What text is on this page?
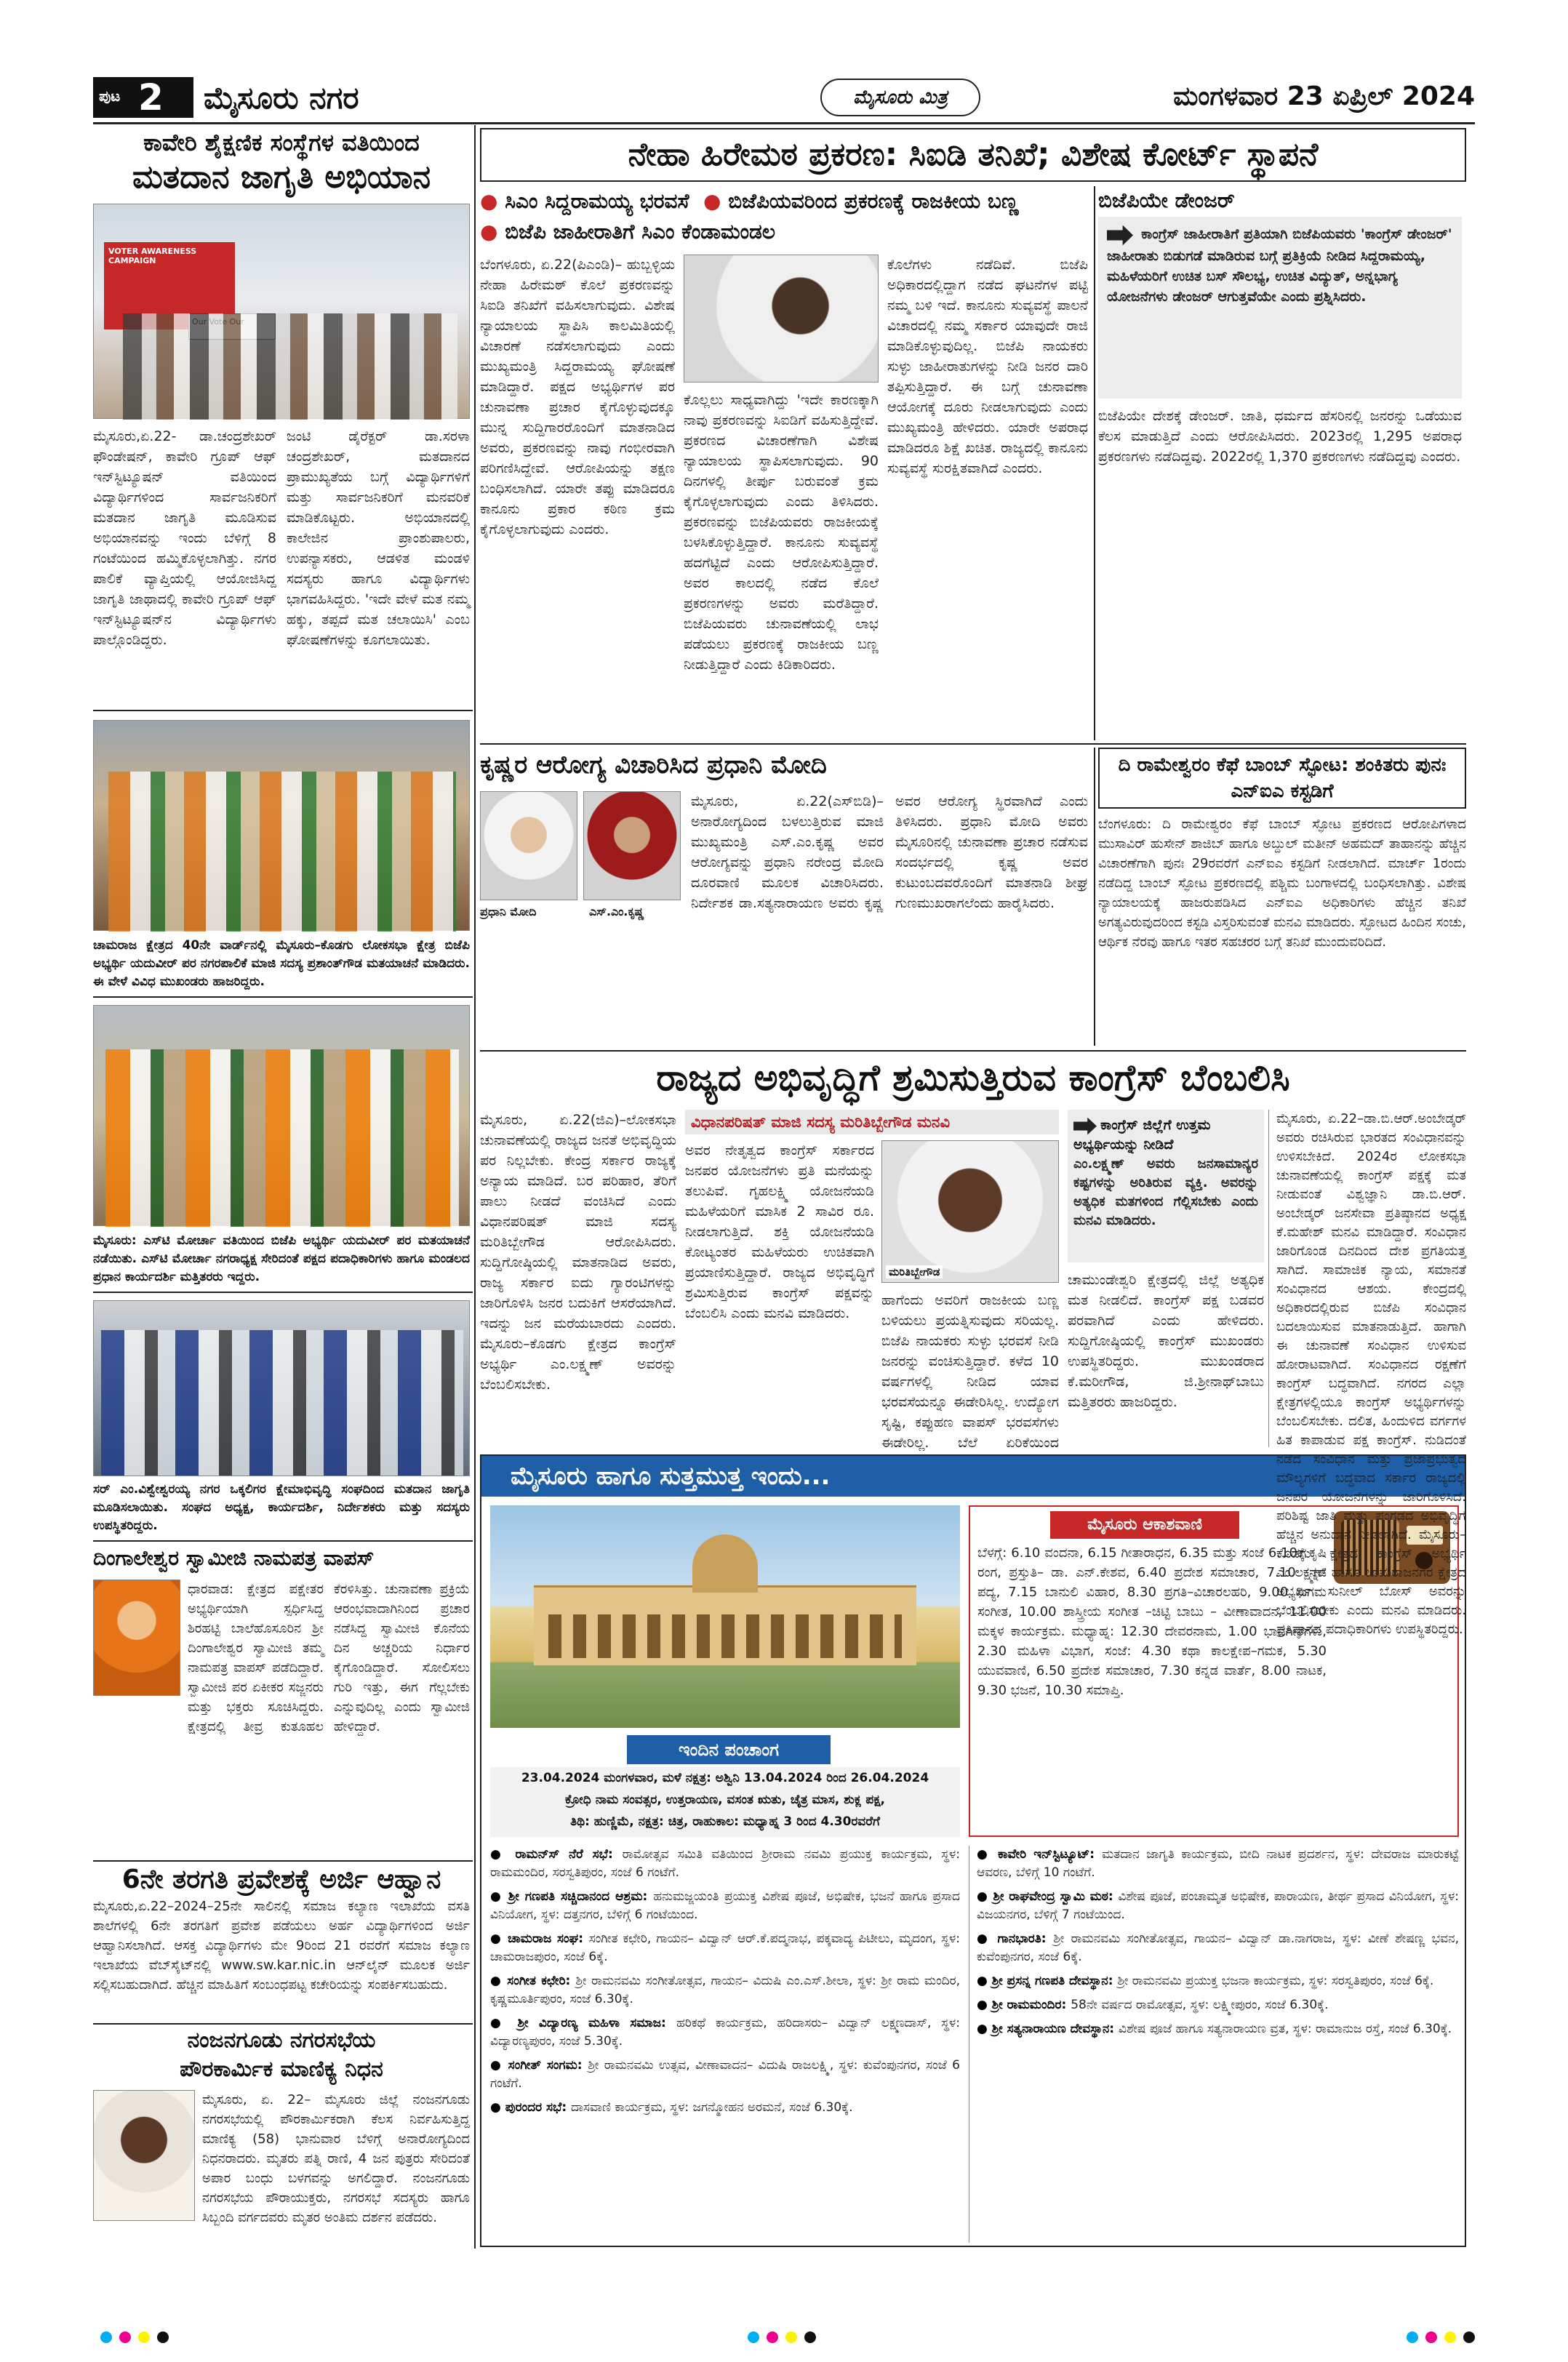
ಪುಟ 2 ಮೈಸೂರು ನಗರ	ಮೈಸೂರು ಮಿತ್ರ	ಮಂಗಳವಾರ 23 ಏಪ್ರಿಲ್ 2024
ಕಾವೇರಿ ಶೈಕ್ಷಣಿಕ ಸಂಸ್ಥೆಗಳ ವತಿಯಿಂದ
ಮತದಾನ ಜಾಗೃತಿ ಅಭಿಯಾನ
VOTER AWARENESS CAMPAIGN
ಮೈಸೂರು,ಏ.22- ಡಾ.ಚಂದ್ರಶೇಖರ್ ಫೌಂಡೇಷನ್, ಕಾವೇರಿ ಗ್ರೂಪ್ ಆಫ್ ಇನ್‌ಸ್ಟಿಟ್ಯೂಷನ್ ವತಿಯಿಂದ ವಿದ್ಯಾರ್ಥಿಗಳಿಂದ ಸಾರ್ವಜನಿಕರಿಗೆ ಮತದಾನ ಜಾಗೃತಿ ಮೂಡಿಸುವ ಅಭಿಯಾನವನ್ನು ಇಂದು ಬೆಳಿಗ್ಗೆ 8 ಗಂಟೆಯಿಂದ ಹಮ್ಮಿಕೊಳ್ಳಲಾಗಿತ್ತು. ನಗರ ಪಾಲಿಕೆ ವ್ಯಾಪ್ತಿಯಲ್ಲಿ ಆಯೋಜಿಸಿದ್ದ ಜಾಗೃತಿ ಜಾಥಾದಲ್ಲಿ ಕಾವೇರಿ ಗ್ರೂಪ್ ಆಫ್ ಇನ್‌ಸ್ಟಿಟ್ಯೂಷನ್‌ನ ವಿದ್ಯಾರ್ಥಿಗಳು ಪಾಲ್ಗೊಂಡಿದ್ದರು.
ಜಂಟಿ ಡೈರೆಕ್ಟರ್ ಡಾ.ಸರಳಾ ಚಂದ್ರಶೇಖರ್, ಮತದಾನದ ಪ್ರಾಮುಖ್ಯತೆಯ ಬಗ್ಗೆ ವಿದ್ಯಾರ್ಥಿಗಳಿಗೆ ಮತ್ತು ಸಾರ್ವಜನಿಕರಿಗೆ ಮನವರಿಕೆ ಮಾಡಿಕೊಟ್ಟರು. ಅಭಿಯಾನದಲ್ಲಿ ಕಾಲೇಜಿನ ಪ್ರಾಂಶುಪಾಲರು, ಉಪನ್ಯಾಸಕರು, ಆಡಳಿತ ಮಂಡಳಿ ಸದಸ್ಯರು ಹಾಗೂ ವಿದ್ಯಾರ್ಥಿಗಳು ಭಾಗವಹಿಸಿದ್ದರು. 'ಇದೇ ವೇಳೆ ಮತ ನಮ್ಮ ಹಕ್ಕು, ತಪ್ಪದೆ ಮತ ಚಲಾಯಿಸಿ' ಎಂಬ ಘೋಷಣೆಗಳನ್ನು ಕೂಗಲಾಯಿತು.
ಚಾಮರಾಜ ಕ್ಷೇತ್ರದ 40ನೇ ವಾರ್ಡ್‌ನಲ್ಲಿ ಮೈಸೂರು–ಕೊಡಗು ಲೋಕಸಭಾ ಕ್ಷೇತ್ರ ಬಿಜೆಪಿ ಅಭ್ಯರ್ಥಿ ಯದುವೀರ್ ಪರ ನಗರಪಾಲಿಕೆ ಮಾಜಿ ಸದಸ್ಯ ಪ್ರಶಾಂತ್‌ಗೌಡ ಮತಯಾಚನೆ ಮಾಡಿದರು. ಈ ವೇಳೆ ವಿವಿಧ ಮುಖಂಡರು ಹಾಜರಿದ್ದರು.
ಮೈಸೂರು: ಎಸ್‌ಟಿ ಮೋರ್ಚಾ ವತಿಯಿಂದ ಬಿಜೆಪಿ ಅಭ್ಯರ್ಥಿ ಯದುವೀರ್ ಪರ ಮತಯಾಚನೆ ನಡೆಯಿತು. ಎಸ್‌ಟಿ ಮೋರ್ಚಾ ನಗರಾಧ್ಯಕ್ಷ ಸೇರಿದಂತೆ ಪಕ್ಷದ ಪದಾಧಿಕಾರಿಗಳು ಹಾಗೂ ಮಂಡಲದ ಪ್ರಧಾನ ಕಾರ್ಯದರ್ಶಿ ಮತ್ತಿತರರು ಇದ್ದರು.
ಸರ್ ಎಂ.ವಿಶ್ವೇಶ್ವರಯ್ಯ ನಗರ ಒಕ್ಕಲಿಗರ ಕ್ಷೇಮಾಭಿವೃದ್ಧಿ ಸಂಘದಿಂದ ಮತದಾನ ಜಾಗೃತಿ ಮೂಡಿಸಲಾಯಿತು. ಸಂಘದ ಅಧ್ಯಕ್ಷ, ಕಾರ್ಯದರ್ಶಿ, ನಿರ್ದೇಶಕರು ಮತ್ತು ಸದಸ್ಯರು ಉಪಸ್ಥಿತರಿದ್ದರು.
ದಿಂಗಾಲೇಶ್ವರ ಸ್ವಾಮೀಜಿ ನಾಮಪತ್ರ ವಾಪಸ್
ಧಾರವಾಡ: ಕ್ಷೇತ್ರದ ಪಕ್ಷೇತರ ಅಭ್ಯರ್ಥಿಯಾಗಿ ಸ್ಪರ್ಧಿಸಿದ್ದ ಶಿರಹಟ್ಟಿ ಬಾಲೆಹೊಸೂರಿನ ಶ್ರೀ ದಿಂಗಾಲೇಶ್ವರ ಸ್ವಾಮೀಜಿ ತಮ್ಮ ನಾಮಪತ್ರ ವಾಪಸ್ ಪಡೆದಿದ್ದಾರೆ. ಸ್ವಾಮೀಜಿ ಪರ ಏಕೀಕರ ಸಜ್ಜನರು ಮತ್ತು ಭಕ್ತರು ಸೂಚಿಸಿದ್ದರು. ಕ್ಷೇತ್ರದಲ್ಲಿ ತೀವ್ರ ಕುತೂಹಲ ಕೆರಳಿಸಿತ್ತು. ಚುನಾವಣಾ ಪ್ರಕ್ರಿಯೆ ಆರಂಭವಾದಾಗಿನಿಂದ ಪ್ರಚಾರ ನಡೆಸಿದ್ದ ಸ್ವಾಮೀಜಿ ಕೊನೆಯ ದಿನ ಅಚ್ಚರಿಯ ನಿರ್ಧಾರ ಕೈಗೊಂಡಿದ್ದಾರೆ. ಸೋಲಿಸಲು ಗುರಿ ಇತ್ತು, ಈಗ ಗೆಲ್ಲಬೇಕು ಎನ್ನುವುದಿಲ್ಲ ಎಂದು ಸ್ವಾಮೀಜಿ ಹೇಳಿದ್ದಾರೆ.
6ನೇ ತರಗತಿ ಪ್ರವೇಶಕ್ಕೆ ಅರ್ಜಿ ಆಹ್ವಾನ
ಮೈಸೂರು,ಏ.22–2024–25ನೇ ಸಾಲಿನಲ್ಲಿ ಸಮಾಜ ಕಲ್ಯಾಣ ಇಲಾಖೆಯ ವಸತಿ ಶಾಲೆಗಳಲ್ಲಿ 6ನೇ ತರಗತಿಗೆ ಪ್ರವೇಶ ಪಡೆಯಲು ಅರ್ಹ ವಿದ್ಯಾರ್ಥಿಗಳಿಂದ ಅರ್ಜಿ ಆಹ್ವಾನಿಸಲಾಗಿದೆ. ಆಸಕ್ತ ವಿದ್ಯಾರ್ಥಿಗಳು ಮೇ 9ರಿಂದ 21 ರವರೆಗೆ ಸಮಾಜ ಕಲ್ಯಾಣ ಇಲಾಖೆಯ ವೆಬ್‌ಸೈಟ್‌ನಲ್ಲಿ www.sw.kar.nic.in ಆನ್‌ಲೈನ್ ಮೂಲಕ ಅರ್ಜಿ ಸಲ್ಲಿಸಬಹುದಾಗಿದೆ. ಹೆಚ್ಚಿನ ಮಾಹಿತಿಗೆ ಸಂಬಂಧಪಟ್ಟ ಕಚೇರಿಯನ್ನು ಸಂಪರ್ಕಿಸಬಹುದು.
ನಂಜನಗೂಡು ನಗರಸಭೆಯ
ಪೌರಕಾರ್ಮಿಕ ಮಾಣಿಕ್ಯ ನಿಧನ
ಮೈಸೂರು, ಏ. 22– ಮೈಸೂರು ಜಿಲ್ಲೆ ನಂಜನಗೂಡು ನಗರಸಭೆಯಲ್ಲಿ ಪೌರಕಾರ್ಮಿಕರಾಗಿ ಕೆಲಸ ನಿರ್ವಹಿಸುತ್ತಿದ್ದ ಮಾಣಿಕ್ಯ (58) ಭಾನುವಾರ ಬೆಳಿಗ್ಗೆ ಅನಾರೋಗ್ಯದಿಂದ ನಿಧನರಾದರು. ಮೃತರು ಪತ್ನಿ ರಾಣಿ, 4 ಜನ ಪುತ್ರರು ಸೇರಿದಂತೆ ಅಪಾರ ಬಂಧು ಬಳಗವನ್ನು ಅಗಲಿದ್ದಾರೆ. ನಂಜನಗೂಡು ನಗರಸಭೆಯ ಪೌರಾಯುಕ್ತರು, ನಗರಸಭೆ ಸದಸ್ಯರು ಹಾಗೂ ಸಿಬ್ಬಂದಿ ವರ್ಗದವರು ಮೃತರ ಅಂತಿಮ ದರ್ಶನ ಪಡೆದರು.
ನೇಹಾ ಹಿರೇಮಠ ಪ್ರಕರಣ: ಸಿಐಡಿ ತನಿಖೆ; ವಿಶೇಷ ಕೋರ್ಟ್ ಸ್ಥಾಪನೆ
● ಸಿಎಂ ಸಿದ್ದರಾಮಯ್ಯ ಭರವಸೆ ● ಬಿಜೆಪಿಯವರಿಂದ ಪ್ರಕರಣಕ್ಕೆ ರಾಜಕೀಯ ಬಣ್ಣ
● ಬಿಜೆಪಿ ಜಾಹೀರಾತಿಗೆ ಸಿಎಂ ಕೆಂಡಾಮಂಡಲ
ಬೆಂಗಳೂರು, ಏ.22(ಪಿಎಂಡಿ)– ಹುಬ್ಬಳ್ಳಿಯ ನೇಹಾ ಹಿರೇಮಠ್ ಕೊಲೆ ಪ್ರಕರಣವನ್ನು ಸಿಐಡಿ ತನಿಖೆಗೆ ವಹಿಸಲಾಗುವುದು. ವಿಶೇಷ ನ್ಯಾಯಾಲಯ ಸ್ಥಾಪಿಸಿ ಕಾಲಮಿತಿಯಲ್ಲಿ ವಿಚಾರಣೆ ನಡೆಸಲಾಗುವುದು ಎಂದು ಮುಖ್ಯಮಂತ್ರಿ ಸಿದ್ದರಾಮಯ್ಯ ಘೋಷಣೆ ಮಾಡಿದ್ದಾರೆ. ಪಕ್ಷದ ಅಭ್ಯರ್ಥಿಗಳ ಪರ ಚುನಾವಣಾ ಪ್ರಚಾರ ಕೈಗೊಳ್ಳುವುದಕ್ಕೂ ಮುನ್ನ ಸುದ್ದಿಗಾರರೊಂದಿಗೆ ಮಾತನಾಡಿದ ಅವರು, ಪ್ರಕರಣವನ್ನು ನಾವು ಗಂಭೀರವಾಗಿ ಪರಿಗಣಿಸಿದ್ದೇವೆ. ಆರೋಪಿಯನ್ನು ತಕ್ಷಣ ಬಂಧಿಸಲಾಗಿದೆ. ಯಾರೇ ತಪ್ಪು ಮಾಡಿದರೂ ಕಾನೂನು ಪ್ರಕಾರ ಕಠಿಣ ಕ್ರಮ ಕೈಗೊಳ್ಳಲಾಗುವುದು ಎಂದರು.
ಕೊಲ್ಲಲು ಸಾಧ್ಯವಾಗಿದ್ದು 'ಇದೇ ಕಾರಣಕ್ಕಾಗಿ ನಾವು ಪ್ರಕರಣವನ್ನು ಸಿಐಡಿಗೆ ವಹಿಸುತ್ತಿದ್ದೇವೆ. ಪ್ರಕರಣದ ವಿಚಾರಣೆಗಾಗಿ ವಿಶೇಷ ನ್ಯಾಯಾಲಯ ಸ್ಥಾಪಿಸಲಾಗುವುದು. 90 ದಿನಗಳಲ್ಲಿ ತೀರ್ಪು ಬರುವಂತೆ ಕ್ರಮ ಕೈಗೊಳ್ಳಲಾಗುವುದು ಎಂದು ತಿಳಿಸಿದರು. ಪ್ರಕರಣವನ್ನು ಬಿಜೆಪಿಯವರು ರಾಜಕೀಯಕ್ಕೆ ಬಳಸಿಕೊಳ್ಳುತ್ತಿದ್ದಾರೆ. ಕಾನೂನು ಸುವ್ಯವಸ್ಥೆ ಹದಗೆಟ್ಟಿದೆ ಎಂದು ಆರೋಪಿಸುತ್ತಿದ್ದಾರೆ. ಅವರ ಕಾಲದಲ್ಲಿ ನಡೆದ ಕೊಲೆ ಪ್ರಕರಣಗಳನ್ನು ಅವರು ಮರೆತಿದ್ದಾರೆ. ಬಿಜೆಪಿಯವರು ಚುನಾವಣೆಯಲ್ಲಿ ಲಾಭ ಪಡೆಯಲು ಪ್ರಕರಣಕ್ಕೆ ರಾಜಕೀಯ ಬಣ್ಣ ನೀಡುತ್ತಿದ್ದಾರೆ ಎಂದು ಕಿಡಿಕಾರಿದರು.
ಕೊಲೆಗಳು ನಡೆದಿವೆ. ಬಿಜೆಪಿ ಅಧಿಕಾರದಲ್ಲಿದ್ದಾಗ ನಡೆದ ಘಟನೆಗಳ ಪಟ್ಟಿ ನಮ್ಮ ಬಳಿ ಇದೆ. ಕಾನೂನು ಸುವ್ಯವಸ್ಥೆ ಪಾಲನೆ ವಿಚಾರದಲ್ಲಿ ನಮ್ಮ ಸರ್ಕಾರ ಯಾವುದೇ ರಾಜಿ ಮಾಡಿಕೊಳ್ಳುವುದಿಲ್ಲ. ಬಿಜೆಪಿ ನಾಯಕರು ಸುಳ್ಳು ಜಾಹೀರಾತುಗಳನ್ನು ನೀಡಿ ಜನರ ದಾರಿ ತಪ್ಪಿಸುತ್ತಿದ್ದಾರೆ. ಈ ಬಗ್ಗೆ ಚುನಾವಣಾ ಆಯೋಗಕ್ಕೆ ದೂರು ನೀಡಲಾಗುವುದು ಎಂದು ಮುಖ್ಯಮಂತ್ರಿ ಹೇಳಿದರು. ಯಾರೇ ಅಪರಾಧ ಮಾಡಿದರೂ ಶಿಕ್ಷೆ ಖಚಿತ. ರಾಜ್ಯದಲ್ಲಿ ಕಾನೂನು ಸುವ್ಯವಸ್ಥೆ ಸುರಕ್ಷಿತವಾಗಿದೆ ಎಂದರು.
ಬಿಜೆಪಿಯೇ ಡೇಂಜರ್
ಕಾಂಗ್ರೆಸ್ ಜಾಹೀರಾತಿಗೆ ಪ್ರತಿಯಾಗಿ ಬಿಜೆಪಿಯವರು 'ಕಾಂಗ್ರೆಸ್ ಡೇಂಜರ್' ಜಾಹೀರಾತು ಬಿಡುಗಡೆ ಮಾಡಿರುವ ಬಗ್ಗೆ ಪ್ರತಿಕ್ರಿಯೆ ನೀಡಿದ ಸಿದ್ದರಾಮಯ್ಯ, ಮಹಿಳೆಯರಿಗೆ ಉಚಿತ ಬಸ್ ಸೌಲಭ್ಯ, ಉಚಿತ ವಿದ್ಯುತ್, ಅನ್ನಭಾಗ್ಯ ಯೋಜನೆಗಳು ಡೇಂಜರ್ ಆಗುತ್ತವೆಯೇ ಎಂದು ಪ್ರಶ್ನಿಸಿದರು.
ಬಿಜೆಪಿಯೇ ದೇಶಕ್ಕೆ ಡೇಂಜರ್. ಜಾತಿ, ಧರ್ಮದ ಹೆಸರಿನಲ್ಲಿ ಜನರನ್ನು ಒಡೆಯುವ ಕೆಲಸ ಮಾಡುತ್ತಿದೆ ಎಂದು ಆರೋಪಿಸಿದರು. 2023ರಲ್ಲಿ 1,295 ಅಪರಾಧ ಪ್ರಕರಣಗಳು ನಡೆದಿದ್ದವು. 2022ರಲ್ಲಿ 1,370 ಪ್ರಕರಣಗಳು ನಡೆದಿದ್ದವು ಎಂದರು.
ಕೃಷ್ಣರ ಆರೋಗ್ಯ ವಿಚಾರಿಸಿದ ಪ್ರಧಾನಿ ಮೋದಿ
ಪ್ರಧಾನಿ ಮೋದಿ	ಎಸ್.ಎಂ.ಕೃಷ್ಣ
ಮೈಸೂರು, ಏ.22(ಎಸ್‌ಬಿಡಿ)– ಅನಾರೋಗ್ಯದಿಂದ ಬಳಲುತ್ತಿರುವ ಮಾಜಿ ಮುಖ್ಯಮಂತ್ರಿ ಎಸ್.ಎಂ.ಕೃಷ್ಣ ಅವರ ಆರೋಗ್ಯವನ್ನು ಪ್ರಧಾನಿ ನರೇಂದ್ರ ಮೋದಿ ದೂರವಾಣಿ ಮೂಲಕ ವಿಚಾರಿಸಿದರು. ನಿರ್ದೇಶಕ ಡಾ.ಸತ್ಯನಾರಾಯಣ ಅವರು ಕೃಷ್ಣ ಅವರ ಆರೋಗ್ಯ ಸ್ಥಿರವಾಗಿದೆ ಎಂದು ತಿಳಿಸಿದರು. ಪ್ರಧಾನಿ ಮೋದಿ ಅವರು ಮೈಸೂರಿನಲ್ಲಿ ಚುನಾವಣಾ ಪ್ರಚಾರ ನಡೆಸುವ ಸಂದರ್ಭದಲ್ಲಿ ಕೃಷ್ಣ ಅವರ ಕುಟುಂಬದವರೊಂದಿಗೆ ಮಾತನಾಡಿ ಶೀಘ್ರ ಗುಣಮುಖರಾಗಲೆಂದು ಹಾರೈಸಿದರು.
ದಿ ರಾಮೇಶ್ವರಂ ಕೆಫೆ ಬಾಂಬ್ ಸ್ಫೋಟ: ಶಂಕಿತರು ಪುನಃ ಎನ್‌ಐಎ ಕಸ್ಟಡಿಗೆ
ಬೆಂಗಳೂರು: ದಿ ರಾಮೇಶ್ವರಂ ಕೆಫೆ ಬಾಂಬ್ ಸ್ಫೋಟ ಪ್ರಕರಣದ ಆರೋಪಿಗಳಾದ ಮುಸಾವಿರ್ ಹುಸೇನ್ ಶಾಜಿಬ್ ಹಾಗೂ ಅಬ್ದುಲ್ ಮತೀನ್ ಅಹಮದ್ ತಾಹಾನನ್ನು ಹೆಚ್ಚಿನ ವಿಚಾರಣೆಗಾಗಿ ಪುನಃ 29ರವರೆಗೆ ಎನ್‌ಐಎ ಕಸ್ಟಡಿಗೆ ನೀಡಲಾಗಿದೆ. ಮಾರ್ಚ್ 1ರಂದು ನಡೆದಿದ್ದ ಬಾಂಬ್ ಸ್ಫೋಟ ಪ್ರಕರಣದಲ್ಲಿ ಪಶ್ಚಿಮ ಬಂಗಾಳದಲ್ಲಿ ಬಂಧಿಸಲಾಗಿತ್ತು. ವಿಶೇಷ ನ್ಯಾಯಾಲಯಕ್ಕೆ ಹಾಜರುಪಡಿಸಿದ ಎನ್‌ಐಎ ಅಧಿಕಾರಿಗಳು ಹೆಚ್ಚಿನ ತನಿಖೆ ಅಗತ್ಯವಿರುವುದರಿಂದ ಕಸ್ಟಡಿ ವಿಸ್ತರಿಸುವಂತೆ ಮನವಿ ಮಾಡಿದರು. ಸ್ಫೋಟದ ಹಿಂದಿನ ಸಂಚು, ಆರ್ಥಿಕ ನೆರವು ಹಾಗೂ ಇತರ ಸಹಚರರ ಬಗ್ಗೆ ತನಿಖೆ ಮುಂದುವರಿದಿದೆ.
ರಾಜ್ಯದ ಅಭಿವೃದ್ಧಿಗೆ ಶ್ರಮಿಸುತ್ತಿರುವ ಕಾಂಗ್ರೆಸ್ ಬೆಂಬಲಿಸಿ
ಮೈಸೂರು, ಏ.22(ಜಿಎ)–ಲೋಕಸಭಾ ಚುನಾವಣೆಯಲ್ಲಿ ರಾಜ್ಯದ ಜನತೆ ಅಭಿವೃದ್ಧಿಯ ಪರ ನಿಲ್ಲಬೇಕು. ಕೇಂದ್ರ ಸರ್ಕಾರ ರಾಜ್ಯಕ್ಕೆ ಅನ್ಯಾಯ ಮಾಡಿದೆ. ಬರ ಪರಿಹಾರ, ತೆರಿಗೆ ಪಾಲು ನೀಡದೆ ವಂಚಿಸಿದೆ ಎಂದು ವಿಧಾನಪರಿಷತ್ ಮಾಜಿ ಸದಸ್ಯ ಮರಿತಿಬ್ಬೇಗೌಡ ಆರೋಪಿಸಿದರು. ಸುದ್ದಿಗೋಷ್ಠಿಯಲ್ಲಿ ಮಾತನಾಡಿದ ಅವರು, ರಾಜ್ಯ ಸರ್ಕಾರ ಐದು ಗ್ಯಾರಂಟಿಗಳನ್ನು ಜಾರಿಗೊಳಿಸಿ ಜನರ ಬದುಕಿಗೆ ಆಸರೆಯಾಗಿದೆ. ಇದನ್ನು ಜನ ಮರೆಯಬಾರದು ಎಂದರು. ಮೈಸೂರು–ಕೊಡಗು ಕ್ಷೇತ್ರದ ಕಾಂಗ್ರೆಸ್ ಅಭ್ಯರ್ಥಿ ಎಂ.ಲಕ್ಷ್ಮಣ್ ಅವರನ್ನು ಬೆಂಬಲಿಸಬೇಕು.
ವಿಧಾನಪರಿಷತ್ ಮಾಜಿ ಸದಸ್ಯ ಮರಿತಿಬ್ಬೇಗೌಡ ಮನವಿ
ಅವರ ನೇತೃತ್ವದ ಕಾಂಗ್ರೆಸ್ ಸರ್ಕಾರದ ಜನಪರ ಯೋಜನೆಗಳು ಪ್ರತಿ ಮನೆಯನ್ನು ತಲುಪಿವೆ. ಗೃಹಲಕ್ಷ್ಮಿ ಯೋಜನೆಯಡಿ ಮಹಿಳೆಯರಿಗೆ ಮಾಸಿಕ 2 ಸಾವಿರ ರೂ. ನೀಡಲಾಗುತ್ತಿದೆ. ಶಕ್ತಿ ಯೋಜನೆಯಡಿ ಕೋಟ್ಯಂತರ ಮಹಿಳೆಯರು ಉಚಿತವಾಗಿ ಪ್ರಯಾಣಿಸುತ್ತಿದ್ದಾರೆ. ರಾಜ್ಯದ ಅಭಿವೃದ್ಧಿಗೆ ಶ್ರಮಿಸುತ್ತಿರುವ ಕಾಂಗ್ರೆಸ್ ಪಕ್ಷವನ್ನು ಬೆಂಬಲಿಸಿ ಎಂದು ಮನವಿ ಮಾಡಿದರು.
ಮರಿತಿಬ್ಬೇಗೌಡ
ಹಾಗೆಂದು ಅವರಿಗೆ ರಾಜಕೀಯ ಬಣ್ಣ ಬಳಿಯಲು ಪ್ರಯತ್ನಿಸುವುದು ಸರಿಯಲ್ಲ. ಬಿಜೆಪಿ ನಾಯಕರು ಸುಳ್ಳು ಭರವಸೆ ನೀಡಿ ಜನರನ್ನು ವಂಚಿಸುತ್ತಿದ್ದಾರೆ. ಕಳೆದ 10 ವರ್ಷಗಳಲ್ಲಿ ನೀಡಿದ ಯಾವ ಭರವಸೆಯನ್ನೂ ಈಡೇರಿಸಿಲ್ಲ. ಉದ್ಯೋಗ ಸೃಷ್ಟಿ, ಕಪ್ಪುಹಣ ವಾಪಸ್ ಭರವಸೆಗಳು ಈಡೇರಿಲ್ಲ. ಬೆಲೆ ಏರಿಕೆಯಿಂದ
ಕಾಂಗ್ರೆಸ್ ಜಿಲ್ಲೆಗೆ ಉತ್ತಮ ಅಭ್ಯರ್ಥಿಯನ್ನು ನೀಡಿದೆ
ಎಂ.ಲಕ್ಷ್ಮಣ್ ಅವರು ಜನಸಾಮಾನ್ಯರ ಕಷ್ಟಗಳನ್ನು ಅರಿತಿರುವ ವ್ಯಕ್ತಿ. ಅವರನ್ನು ಅತ್ಯಧಿಕ ಮತಗಳಿಂದ ಗೆಲ್ಲಿಸಬೇಕು ಎಂದು ಮನವಿ ಮಾಡಿದರು.
ಚಾಮುಂಡೇಶ್ವರಿ ಕ್ಷೇತ್ರದಲ್ಲಿ ಜಿಲ್ಲೆ ಅತ್ಯಧಿಕ ಮತ ನೀಡಲಿದೆ. ಕಾಂಗ್ರೆಸ್ ಪಕ್ಷ ಬಡವರ ಪರವಾಗಿದೆ ಎಂದು ಹೇಳಿದರು. ಸುದ್ದಿಗೋಷ್ಠಿಯಲ್ಲಿ ಕಾಂಗ್ರೆಸ್ ಮುಖಂಡರು ಉಪಸ್ಥಿತರಿದ್ದರು. ಮುಖಂಡರಾದ ಕೆ.ಮರೀಗೌಡ, ಜಿ.ಶ್ರೀನಾಥ್‌ಬಾಬು ಮತ್ತಿತರರು ಹಾಜರಿದ್ದರು.
ಮೈಸೂರು ಹಾಗೂ ಸುತ್ತಮುತ್ತ ಇಂದು...
ಇಂದಿನ ಪಂಚಾಂಗ
23.04.2024 ಮಂಗಳವಾರ, ಮಳೆ ನಕ್ಷತ್ರ: ಅಶ್ವಿನಿ 13.04.2024 ರಿಂದ 26.04.2024
ಕ್ರೋಧಿ ನಾಮ ಸಂವತ್ಸರ, ಉತ್ತರಾಯಣ, ವಸಂತ ಋತು, ಚೈತ್ರ ಮಾಸ, ಶುಕ್ಲ ಪಕ್ಷ,
ತಿಥಿ: ಹುಣ್ಣಿಮೆ, ನಕ್ಷತ್ರ: ಚಿತ್ರ, ರಾಹುಕಾಲ: ಮಧ್ಯಾಹ್ನ 3 ರಿಂದ 4.30ರವರೆಗೆ
ಮೈಸೂರು ಆಕಾಶವಾಣಿ
ಬೆಳಗ್ಗೆ: 6.10 ವಂದನಾ, 6.15 ಗೀತಾರಾಧನ, 6.35 ಮತ್ತು ಸಂಜೆ 6.10ಕ್ಕೆ ಕೃಷಿ ರಂಗ, ಪ್ರಸ್ತುತಿ– ಡಾ. ಎನ್.ಕೇಶವ, 6.40 ಪ್ರದೇಶ ಸಮಾಚಾರ, 7.10 ಕನ್ನಡ ಪದ್ಯ, 7.15 ಬಾನುಲಿ ವಿಹಾರ, 8.30 ಪ್ರಗತಿ–ವಿಚಾರಲಹರಿ, 9.00 ಸುಗಮ ಸಂಗೀತ, 10.00 ಶಾಸ್ತ್ರೀಯ ಸಂಗೀತ –ಚಿಟ್ಟಿ ಬಾಬು – ವೀಣಾವಾದನ, 11.00 ಮಕ್ಕಳ ಕಾರ್ಯಕ್ರಮ. ಮಧ್ಯಾಹ್ನ: 12.30 ದೇವರನಾಮ, 1.00 ಭಾವಗೀತೆಗಳು, 2.30 ಮಹಿಳಾ ವಿಭಾಗ, ಸಂಜೆ: 4.30 ಕಥಾ ಕಾಲಕ್ಷೇಪ–ಗಮಕ, 5.30 ಯುವವಾಣಿ, 6.50 ಪ್ರದೇಶ ಸಮಾಚಾರ, 7.30 ಕನ್ನಡ ವಾರ್ತೆ, 8.00 ನಾಟಕ, 9.30 ಭಜನೆ, 10.30 ಸಮಾಪ್ತಿ.
● ರಾಮನ್‌ಸ್ ನೆರೆ ಸಭೆ: ರಾಮೋತ್ಸವ ಸಮಿತಿ ವತಿಯಿಂದ ಶ್ರೀರಾಮ ನವಮಿ ಪ್ರಯುಕ್ತ ಕಾರ್ಯಕ್ರಮ, ಸ್ಥಳ: ರಾಮಮಂದಿರ, ಸರಸ್ವತಿಪುರಂ, ಸಂಜೆ 6 ಗಂಟೆಗೆ.
● ಶ್ರೀ ಗಣಪತಿ ಸಚ್ಚಿದಾನಂದ ಆಶ್ರಮ: ಹನುಮಜ್ಜಯಂತಿ ಪ್ರಯುಕ್ತ ವಿಶೇಷ ಪೂಜೆ, ಅಭಿಷೇಕ, ಭಜನೆ ಹಾಗೂ ಪ್ರಸಾದ ವಿನಿಯೋಗ, ಸ್ಥಳ: ದತ್ತನಗರ, ಬೆಳಿಗ್ಗೆ 6 ಗಂಟೆಯಿಂದ.
● ಚಾಮರಾಜ ಸಂಘ: ಸಂಗೀತ ಕಛೇರಿ, ಗಾಯನ– ವಿದ್ವಾನ್ ಆರ್.ಕೆ.ಪದ್ಮನಾಭ, ಪಕ್ಕವಾದ್ಯ ಪಿಟೀಲು, ಮೃದಂಗ, ಸ್ಥಳ: ಚಾಮರಾಜಪುರಂ, ಸಂಜೆ 6ಕ್ಕೆ.
● ಸಂಗೀತ ಕಛೇರಿ: ಶ್ರೀ ರಾಮನವಮಿ ಸಂಗೀತೋತ್ಸವ, ಗಾಯನ– ವಿದುಷಿ ಎಂ.ಎಸ್.ಶೀಲಾ, ಸ್ಥಳ: ಶ್ರೀ ರಾಮ ಮಂದಿರ, ಕೃಷ್ಣಮೂರ್ತಿಪುರಂ, ಸಂಜೆ 6.30ಕ್ಕೆ.
● ಶ್ರೀ ವಿದ್ಯಾರಣ್ಯ ಮಹಿಳಾ ಸಮಾಜ: ಹರಿಕಥೆ ಕಾರ್ಯಕ್ರಮ, ಹರಿದಾಸರು– ವಿದ್ವಾನ್ ಲಕ್ಷ್ಮಣದಾಸ್, ಸ್ಥಳ: ವಿದ್ಯಾರಣ್ಯಪುರಂ, ಸಂಜೆ 5.30ಕ್ಕೆ.
● ಸಂಗೀತ್ ಸಂಗಮ: ಶ್ರೀ ರಾಮನವಮಿ ಉತ್ಸವ, ವೀಣಾವಾದನ– ವಿದುಷಿ ರಾಜಲಕ್ಷ್ಮಿ, ಸ್ಥಳ: ಕುವೆಂಪುನಗರ, ಸಂಜೆ 6 ಗಂಟೆಗೆ.
● ಪುರಂದರ ಸಭೆ: ದಾಸವಾಣಿ ಕಾರ್ಯಕ್ರಮ, ಸ್ಥಳ: ಜಗನ್ಮೋಹನ ಅರಮನೆ, ಸಂಜೆ 6.30ಕ್ಕೆ.
● ಕಾವೇರಿ ಇನ್‌ಸ್ಟಿಟ್ಯೂಟ್: ಮತದಾನ ಜಾಗೃತಿ ಕಾರ್ಯಕ್ರಮ, ಬೀದಿ ನಾಟಕ ಪ್ರದರ್ಶನ, ಸ್ಥಳ: ದೇವರಾಜ ಮಾರುಕಟ್ಟೆ ಆವರಣ, ಬೆಳಿಗ್ಗೆ 10 ಗಂಟೆಗೆ.
● ಶ್ರೀ ರಾಘವೇಂದ್ರ ಸ್ವಾಮಿ ಮಠ: ವಿಶೇಷ ಪೂಜೆ, ಪಂಚಾಮೃತ ಅಭಿಷೇಕ, ಪಾರಾಯಣ, ತೀರ್ಥ ಪ್ರಸಾದ ವಿನಿಯೋಗ, ಸ್ಥಳ: ವಿಜಯನಗರ, ಬೆಳಿಗ್ಗೆ 7 ಗಂಟೆಯಿಂದ.
● ಗಾನಭಾರತಿ: ಶ್ರೀ ರಾಮನವಮಿ ಸಂಗೀತೋತ್ಸವ, ಗಾಯನ– ವಿದ್ವಾನ್ ಡಾ.ನಾಗರಾಜ, ಸ್ಥಳ: ವೀಣೆ ಶೇಷಣ್ಣ ಭವನ, ಕುವೆಂಪುನಗರ, ಸಂಜೆ 6ಕ್ಕೆ.
● ಶ್ರೀ ಪ್ರಸನ್ನ ಗಣಪತಿ ದೇವಸ್ಥಾನ: ಶ್ರೀ ರಾಮನವಮಿ ಪ್ರಯುಕ್ತ ಭಜನಾ ಕಾರ್ಯಕ್ರಮ, ಸ್ಥಳ: ಸರಸ್ವತಿಪುರಂ, ಸಂಜೆ 6ಕ್ಕೆ.
● ಶ್ರೀ ರಾಮಮಂದಿರ: 58ನೇ ವರ್ಷದ ರಾಮೋತ್ಸವ, ಸ್ಥಳ: ಲಕ್ಷ್ಮೀಪುರಂ, ಸಂಜೆ 6.30ಕ್ಕೆ.
● ಶ್ರೀ ಸತ್ಯನಾರಾಯಣ ದೇವಸ್ಥಾನ: ವಿಶೇಷ ಪೂಜೆ ಹಾಗೂ ಸತ್ಯನಾರಾಯಣ ವ್ರತ, ಸ್ಥಳ: ರಾಮಾನುಜ ರಸ್ತೆ, ಸಂಜೆ 6.30ಕ್ಕೆ.
ಮೈಸೂರು, ಏ.22–ಡಾ.ಬಿ.ಆರ್.ಅಂಬೇಡ್ಕರ್ ಅವರು ರಚಿಸಿರುವ ಭಾರತದ ಸಂವಿಧಾನವನ್ನು ಉಳಿಸಬೇಕಿದೆ. 2024ರ ಲೋಕಸಭಾ ಚುನಾವಣೆಯಲ್ಲಿ ಕಾಂಗ್ರೆಸ್ ಪಕ್ಷಕ್ಕೆ ಮತ ನೀಡುವಂತೆ ವಿಶ್ವಜ್ಞಾನಿ ಡಾ.ಬಿ.ಆರ್. ಅಂಬೇಡ್ಕರ್ ಜನಸೇವಾ ಪ್ರತಿಷ್ಠಾನದ ಅಧ್ಯಕ್ಷ ಕೆ.ಮಹೇಶ್ ಮನವಿ ಮಾಡಿದ್ದಾರೆ. ಸಂವಿಧಾನ ಜಾರಿಗೊಂಡ ದಿನದಿಂದ ದೇಶ ಪ್ರಗತಿಯತ್ತ ಸಾಗಿದೆ. ಸಾಮಾಜಿಕ ನ್ಯಾಯ, ಸಮಾನತೆ ಸಂವಿಧಾನದ ಆಶಯ. ಕೇಂದ್ರದಲ್ಲಿ ಅಧಿಕಾರದಲ್ಲಿರುವ ಬಿಜೆಪಿ ಸಂವಿಧಾನ ಬದಲಾಯಿಸುವ ಮಾತನಾಡುತ್ತಿದೆ. ಹಾಗಾಗಿ ಈ ಚುನಾವಣೆ ಸಂವಿಧಾನ ಉಳಿಸುವ ಹೋರಾಟವಾಗಿದೆ. ಸಂವಿಧಾನದ ರಕ್ಷಣೆಗೆ ಕಾಂಗ್ರೆಸ್ ಬದ್ಧವಾಗಿದೆ. ನಗರದ ಎಲ್ಲಾ ಕ್ಷೇತ್ರಗಳಲ್ಲಿಯೂ ಕಾಂಗ್ರೆಸ್ ಅಭ್ಯರ್ಥಿಗಳನ್ನು ಬೆಂಬಲಿಸಬೇಕು. ದಲಿತ, ಹಿಂದುಳಿದ ವರ್ಗಗಳ ಹಿತ ಕಾಪಾಡುವ ಪಕ್ಷ ಕಾಂಗ್ರೆಸ್. ನುಡಿದಂತೆ ನಡೆದ ಸಂವಿಧಾನ ಮತ್ತು ಪ್ರಜಾಪ್ರಭುತ್ವದ ಮೌಲ್ಯಗಳಿಗೆ ಬದ್ಧವಾದ ಸರ್ಕಾರ ರಾಜ್ಯದಲ್ಲಿ ಜನಪರ ಯೋಜನೆಗಳನ್ನು ಜಾರಿಗೊಳಿಸಿದೆ. ಪರಿಶಿಷ್ಟ ಜಾತಿ ಮತ್ತು ಪಂಗಡದ ಅಭಿವೃದ್ಧಿಗೆ ಹೆಚ್ಚಿನ ಅನುದಾನ ನೀಡಲಾಗಿದೆ. ಮೈಸೂರು–ಕೊಡಗು ಕ್ಷೇತ್ರದ ಕಾಂಗ್ರೆಸ್ ಅಭ್ಯರ್ಥಿ ಎಂ.ಲಕ್ಷ್ಮಣ್ ಹಾಗೂ ಚಾಮರಾಜನಗರ ಕ್ಷೇತ್ರದ ಅಭ್ಯರ್ಥಿ ಸುನೀಲ್ ಬೋಸ್ ಅವರನ್ನು ಬೆಂಬಲಿಸಬೇಕು ಎಂದು ಮನವಿ ಮಾಡಿದರು. ಪ್ರತಿಷ್ಠಾನದ ಪದಾಧಿಕಾರಿಗಳು ಉಪಸ್ಥಿತರಿದ್ದರು.
